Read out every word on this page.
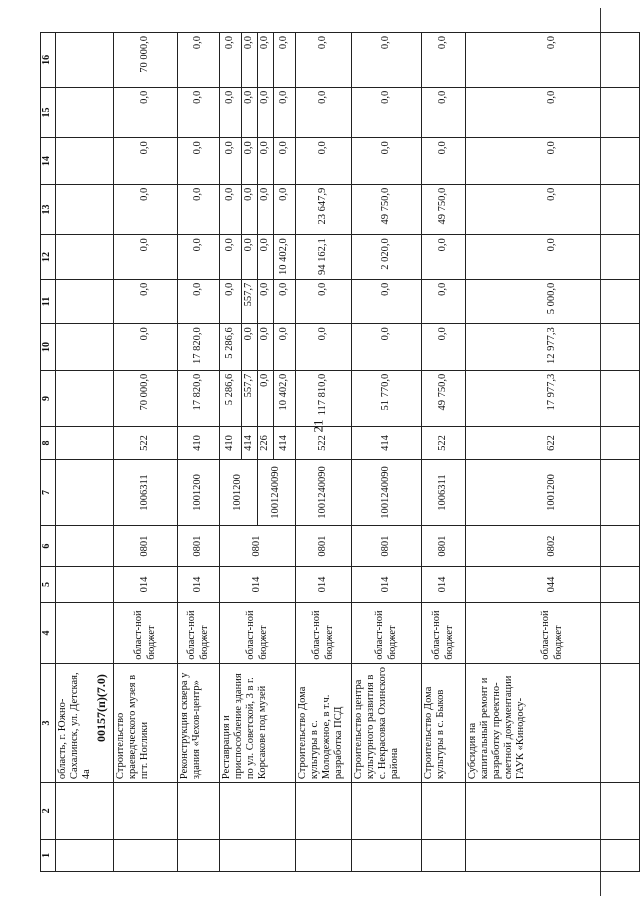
21
00157(п)(7.0)
1	2	3	4	5	6	7	8	9	10	11	12	13	14	15	16
		область, г. Южно-Сахалинск, ул. Детская, 4а													
		Строительство краеведческого музея в пгт. Ноглики	област-ной бюджет	014	0801	1006311	522	70 000,0	0,0	0,0	0,0	0,0	0,0	0,0	70 000,0
		Реконструкция сквера у здания «Чехов-центр»	област-ной бюджет	014	0801	1001200	410	17 820,0	17 820,0	0,0	0,0	0,0	0,0	0,0	0,0
		Реставрация и приспособление здания по ул. Советской, 3 в г. Корсакове под музей	област-ной бюджет	014	0801	1001200	410	5 286,6	5 286,6	0,0	0,0	0,0	0,0	0,0	0,0
							414	557,7	0,0	557,7	0,0	0,0	0,0	0,0	0,0
						1001240090	226	0,0	0,0	0,0	0,0	0,0	0,0	0,0	0,0
							414	10 402,0	0,0	0,0	10 402,0	0,0	0,0	0,0	0,0
		Строительство Дома культуры в с. Молодежное, в т.ч. разработка ПСД	област-ной бюджет	014	0801	1001240090	522	117 810,0	0,0	0,0	94 162,1	23 647,9	0,0	0,0	0,0
		Строительство центра культурного развития в с. Некрасовка Охинского района	област-ной бюджет	014	0801	1001240090	414	51 770,0	0,0	0,0	2 020,0	49 750,0	0,0	0,0	0,0
		Строительство Дома культуры в с. Быков	област-ной бюджет	014	0801	1006311	522	49 750,0	0,0	0,0	0,0	49 750,0	0,0	0,0	0,0
		Субсидия на капитальный ремонт и разработку проектно-сметной документации ГАУК «Кинодосу-	област-ной бюджет	044	0802	1001200	622	17 977,3	12 977,3	5 000,0	0,0	0,0	0,0	0,0	0,0
